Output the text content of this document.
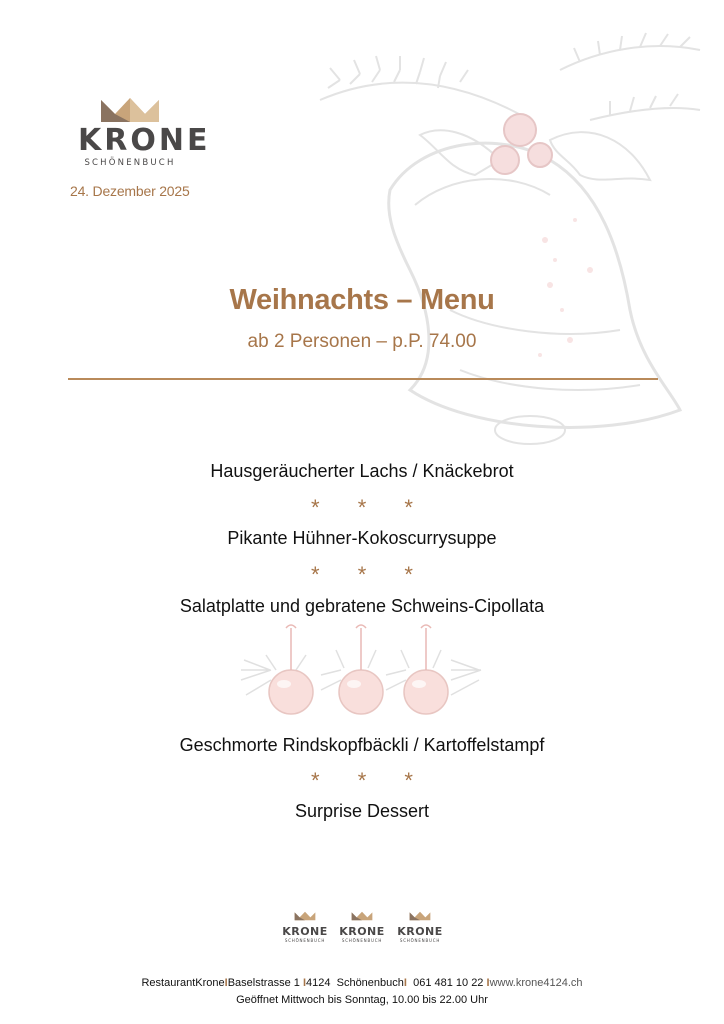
KRONE
SCHÖNENBUCH
24. Dezember 2025
Weihnachts – Menu
ab 2 Personen – p.P. 74.00
Hausgeräucherter Lachs / Knäckebrot
* * *
Pikante Hühner-Kokoscurrysuppe
* * *
Salatplatte und gebratene Schweins-Cipollata
Geschmorte Rindskopfbäckli / Kartoffelstampf
* * *
Surprise Dessert
KRONE
SCHÖNENBUCH
KRONE
SCHÖNENBUCH
KRONE
SCHÖNENBUCH
RestaurantKroneIBaselstrasse 1 I4124 SchönenbuchI 061 481 10 22 Iwww.krone4124.ch
Geöffnet Mittwoch bis Sonntag, 10.00 bis 22.00 Uhr
